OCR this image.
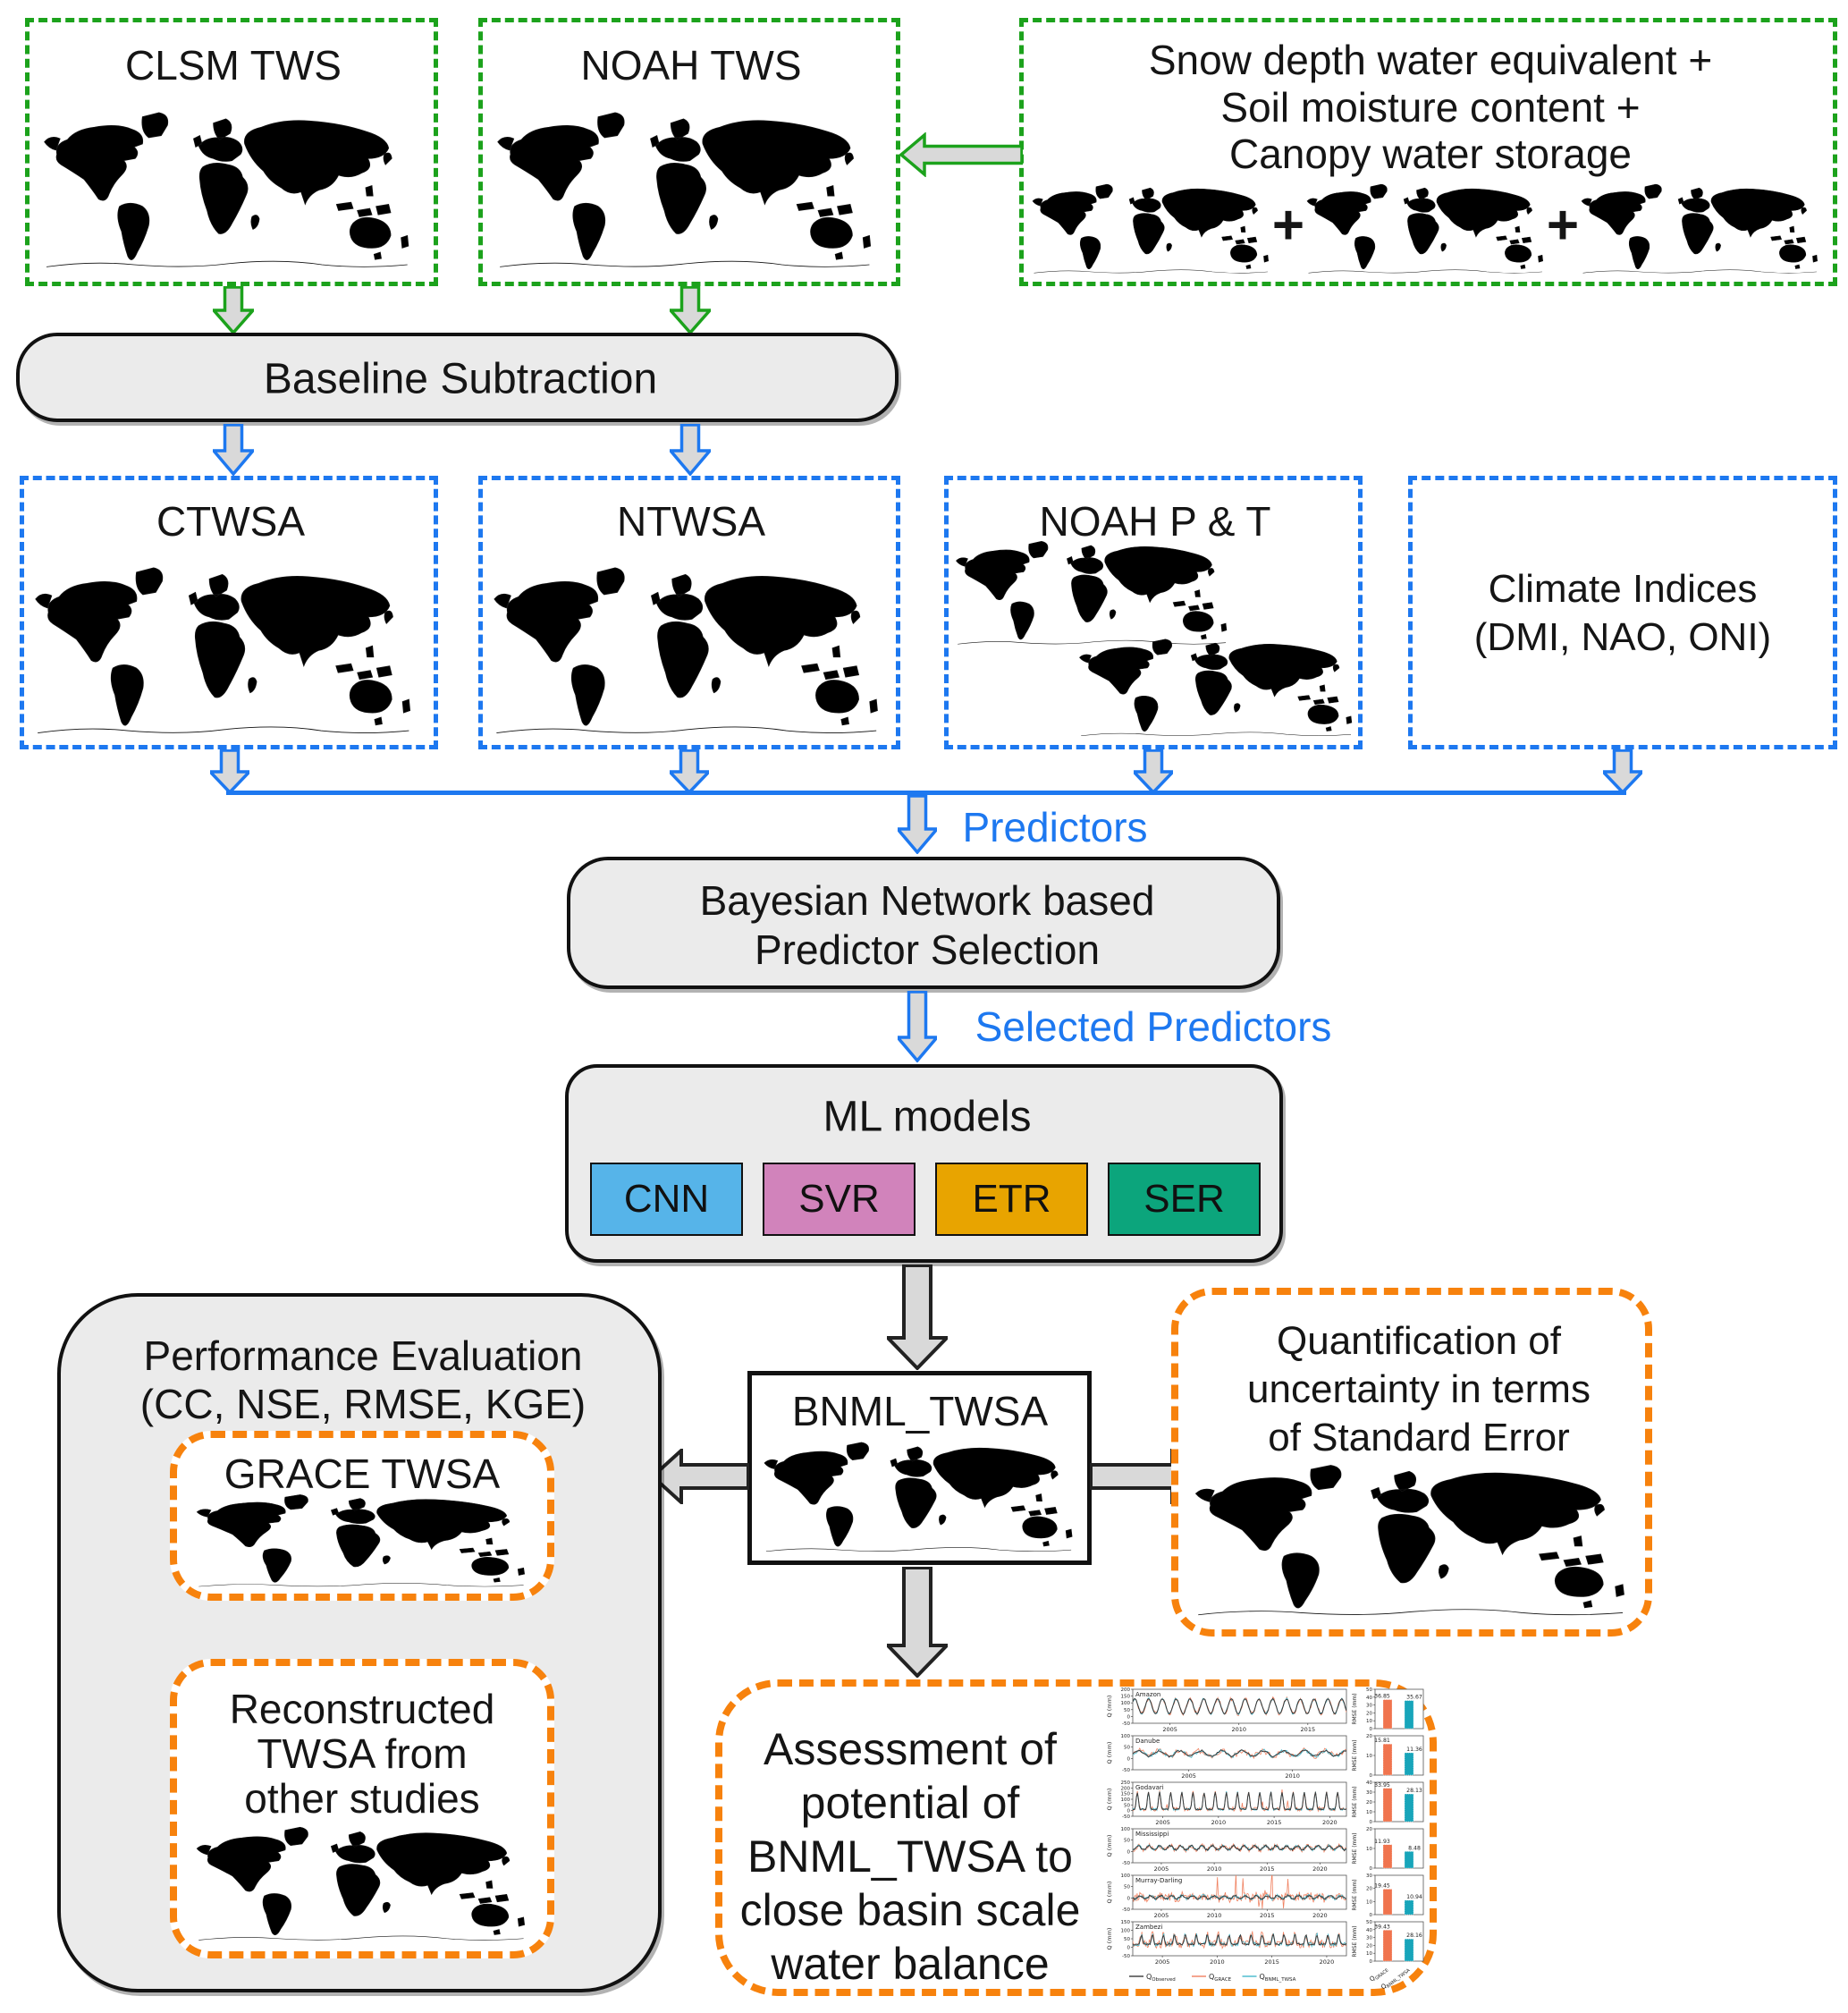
CLSM TWS	NOAH TWS	Snow depth water equivalent +
Soil moisture content +
Canopy water storage
+	+
Baseline Subtraction
CTWSA	NTWSA	NOAH P & T
Climate Indices
(DMI, NAO, ONI)
Predictors
Bayesian Network based
Predictor Selection
Selected Predictors
ML models
CNN	SVR	ETR	SER
BNML_TWSA
Performance Evaluation
(CC, NSE, RMSE, KGE)
GRACE TWSA
Reconstructed
TWSA from
other studies
Quantification of
uncertainty in terms
of Standard Error
Assessment of
potential of
BNML_TWSA to
close basin scale
water balance
-50
0
50
100
150
200
2005	2010	2015
Q (mm)
Amazon
0
10
20
30
40
50
RMSE (mm)	36.85	35.67
-50
0
50
100
2005	2010
Q (mm)
Danube
0
10
20
RMSE (mm)	15.81
11.36
-50
0
50
100
150
200
250
2005	2010	2015	2020
Q (mm)
Godavari
0
10
20
30
40
RMSE (mm)
33.95
28.13
-50
0
50
100
2005	2010	2015	2020
Q (mm)
Mississippi
0
10
20
RMSE (mm)	11.93
8.48
-50
0
50
100
2005	2010	2015	2020
Q (mm)
Murray-Darling
0
10
20
30
RMSE (mm)	19.45
10.94
-50
0
50
100
150
2005	2010	2015	2020
Q (mm)
Zambezi
0
10
20
30
40
50
RMSE (mm)	39.43
28.16
$Q_{Observed}$	$Q_{GRACE}$	$Q_{BNML\_TWSA}$	$Q_{GRACE}$
$Q_{BNML\_TWSA}$
